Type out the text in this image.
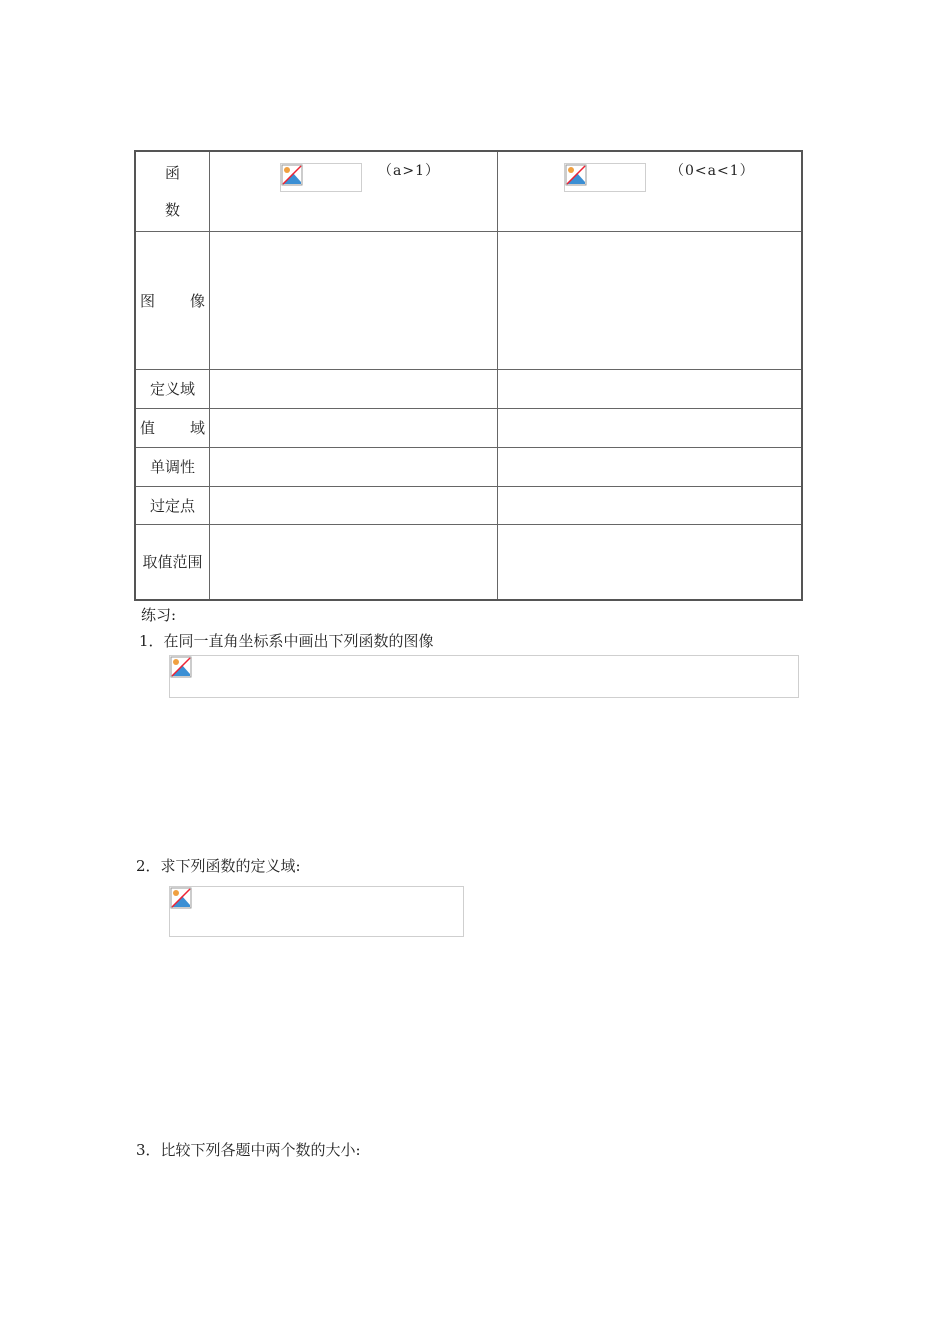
函
数	（a>1）	（0<a<1）

图 像		

定义域		

值 域		

单调性		
过定点		
取值范围		
练习:
1．在同一直角坐标系中画出下列函数的图像
2．求下列函数的定义域:
3．比较下列各题中两个数的大小:
